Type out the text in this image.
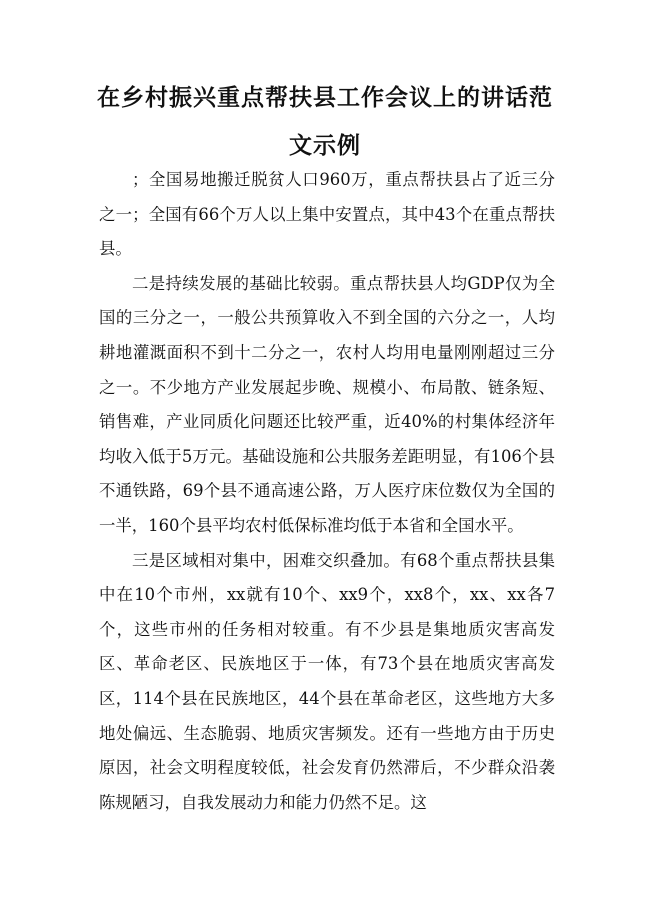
在乡村振兴重点帮扶县工作会议上的讲话范
文示例

；全国易地搬迁脱贫人口960万，重点帮扶县占了近三分之一；全国有66个万人以上集中安置点，其中43个在重点帮扶县。

二是持续发展的基础比较弱。重点帮扶县人均GDP仅为全国的三分之一，一般公共预算收入不到全国的六分之一，人均耕地灌溉面积不到十二分之一，农村人均用电量刚刚超过三分之一。不少地方产业发展起步晚、规模小、布局散、链条短、销售难，产业同质化问题还比较严重，近40%的村集体经济年均收入低于5万元。基础设施和公共服务差距明显，有106个县不通铁路，69个县不通高速公路，万人医疗床位数仅为全国的一半，160个县平均农村低保标准均低于本省和全国水平。

三是区域相对集中，困难交织叠加。有68个重点帮扶县集中在10个市州，xx就有10个、xx9个，xx8个，xx、xx各7个，这些市州的任务相对较重。有不少县是集地质灾害高发区、革命老区、民族地区于一体，有73个县在地质灾害高发区，114个县在民族地区，44个县在革命老区，这些地方大多地处偏远、生态脆弱、地质灾害频发。还有一些地方由于历史原因，社会文明程度较低，社会发育仍然滞后，不少群众沿袭陈规陋习，自我发展动力和能力仍然不足。这
